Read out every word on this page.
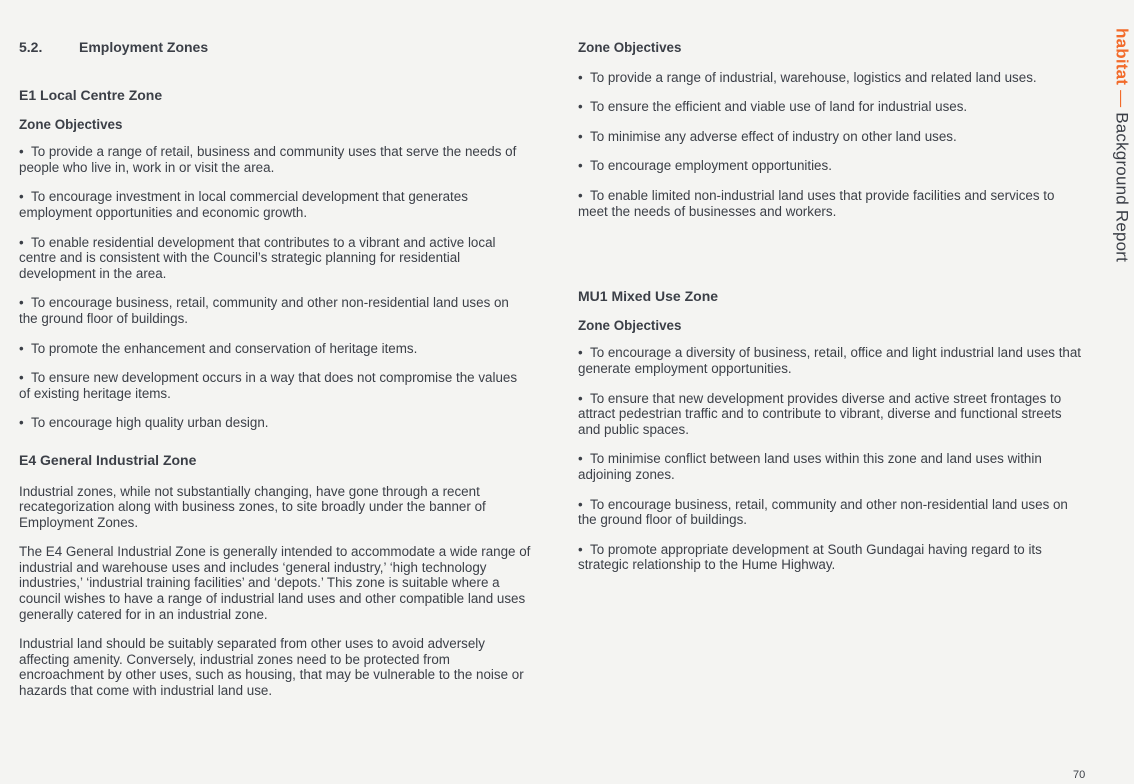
5.2.	Employment Zones
E1 Local Centre Zone
Zone Objectives
• To provide a range of retail, business and community uses that serve the needs of people who live in, work in or visit the area.
• To encourage investment in local commercial development that generates employment opportunities and economic growth.
• To enable residential development that contributes to a vibrant and active local centre and is consistent with the Council’s strategic planning for residential development in the area.
• To encourage business, retail, community and other non-residential land uses on the ground floor of buildings.
• To promote the enhancement and conservation of heritage items.
• To ensure new development occurs in a way that does not compromise the values of existing heritage items.
• To encourage high quality urban design.
E4 General Industrial Zone

Industrial zones, while not substantially changing, have gone through a recent recategorization along with business zones, to site broadly under the banner of Employment Zones.

The E4 General Industrial Zone is generally intended to accommodate a wide range of industrial and warehouse uses and includes ‘general industry,’ ‘high technology industries,’ ‘industrial training facilities’ and ‘depots.’ This zone is suitable where a council wishes to have a range of industrial land uses and other compatible land uses generally catered for in an industrial zone.

Industrial land should be suitably separated from other uses to avoid adversely affecting amenity. Conversely, industrial zones need to be protected from encroachment by other uses, such as housing, that may be vulnerable to the noise or hazards that come with industrial land use.

Zone Objectives
• To provide a range of industrial, warehouse, logistics and related land uses.
• To ensure the efficient and viable use of land for industrial uses.
• To minimise any adverse effect of industry on other land uses.
• To encourage employment opportunities.
• To enable limited non-industrial land uses that provide facilities and services to meet the needs of businesses and workers.
MU1 Mixed Use Zone
Zone Objectives
• To encourage a diversity of business, retail, office and light industrial land uses that generate employment opportunities.
• To ensure that new development provides diverse and active street frontages to attract pedestrian traffic and to contribute to vibrant, diverse and functional streets and public spaces.
• To minimise conflict between land uses within this zone and land uses within adjoining zones.
• To encourage business, retail, community and other non-residential land uses on the ground floor of buildings.
• To promote appropriate development at South Gundagai having regard to its strategic relationship to the Hume Highway.
habitat — Background Report
70
